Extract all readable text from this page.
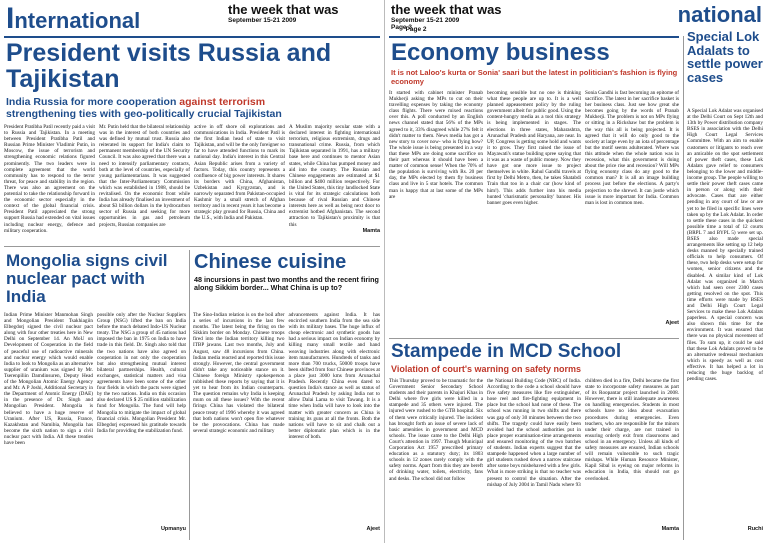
International	the week that was
September 15-21 2009
Page 2
President visits Russia and Tajikistan
India Russia for more cooperation against terrorism
strengthening ties with geo-politically crucial Tajikistan

President Pratibha Patil recently paid a visit to Russia and Tajikistan. In a meeting between President Pratibha Patil and Russian Prime Minister Vladimir Putin, in Moscow, the issue of terrorism and strengthening economic relations figured prominently. The two leaders were in complete agreement that the world community has to respond to the terror threat, for peace and stability in the region. There was also an agreement on the potential to take the relationship forward in the economic sector especially in the context of the global financial crisis. President Patil appreciated the strong support Russia had extended on vital issues including nuclear energy, defence and military cooperation.

Mr. Putin held that the bilateral relationship was in the interest of both countries and was defined by mutual trust. Russia also reiterated its support for India's claim to permanent membership of the UN Security Council. It was also agreed that there was a need to intensify parliamentary contacts, both at the level of countries, especially of young parliamentarians. It was suggested that the Inter-Parliamentary Commission which was established in 1988, should be revitalised. On the economic front while India has already finalised an investment of about $3 billion dollars in the hydrocarbon sector of Russia and seeking for more opportunities in gas and petroleum projects, Russian companies are

active in off shore oil explorations and communications in India. President Patil is the first Indian head of state to visit Tajikistan, and will be the only foreigner so far to have attended functions to mark its national day. India's interest in this Central Asian Republic arises from a variety of factors. Today, this country represents a confluence of big power interests. It shares its borders with China, Afghanistan, Uzbekistan and Kyrgyzstan, and is narrowly separated from Pakistan-occupied Kashmir by a small stretch of Afghan territory and in recent years it has become a strategic play ground for Russia, China and the U.S., with India and Pakistan.

A Muslim majority secular state with a declared interest in fighting international terrorism, religious extremism, drugs and transnational crime. Russia, from which Tajikistan separated in 1991, has a military base here and continues to mentor Asian states, while China has pumped money and aid into the country. The Russian and Chinese engagements are estimated at $1 billion and $400 million respectively. For the United States, this tiny landlocked State is vital for its strategic calculations both because of rival Russian and Chinese interests here as well as being next door to extremist hotbed Afghanistan. The second attraction to Tajikistan's proximity is that this

Mamta
Mongolia signs civil nuclear pact with India

Indian Prime Minister Manmohan Singh and Mongolian President Tsakhiagiin Elbegdorj signed the civil nuclear pact along with four other treaties here in New Delhi on September 14. An MoU on Development of Cooperation in the field of peaceful use of radioactive minerals and nuclear energy which would enable India to look to Mongolia as an alternative supplier of uranium was signed by Mr. Tserenpiliin Damdinsuren, Deputy Head of the Mongolian Atomic Energy Agency and Mr. A P Joshi, Additional Secretary in the Department of Atomic Energy (DAE) in the presence of Dr. Singh and Mongolian President. Mongolia is believed to have a huge reserve of Uranium. After US, Russia, France, Kazakhstan and Namibia, Mongolia has become the sixth nation to sign a civil nuclear pact with India. All these treaties have been

possible only after the Nuclear Suppliers Group (NSG) lifted the ban on India before the much debated Indo-US Nuclear treaty. The NSG a group of 45 nations had imposed the ban in 1975 on India to have trade in this field. Dr. Singh also told that the two nations have also agreed on cooperation in not only the cooperation but also strengthening mutual interest bilateral partnerships. Health, cultural exchanges, statistical matters and visa agreements have been some of the other four fields in which the pacts were signed by the two nations. India on this occasion also declared US $ 25 million stabilization fund for Mongolia. The fund will help Mongolia to mitigate the impact of global financial crisis. Mongolian President Mr. Elbegdorj expressed his gratitude towards India for providing the stabilization fund.

Upmanyu
Chinese cuisine
48 incursions in past two months and the recent firing along Sikkim border... What China is up to?

The Sino-Indian relation is on the boil after a series of incursions in the last few months. The latest being the firing on the Sikkim border on Monday. Chinese troops fired into the Indian territory killing two ITBP jawans. Last two months, July and August, saw 48 incursions from China. Indian media reacted and reported this issue strongly. However, the central government didn't take any noticeable stance on it. Chinese foreign Ministry spokesperson rubbished these reports by saying that it is yet to hear from its Indian counterparts. The question remains why India is keeping mum on all these issues? With the recent firings China has violated the bilateral peace treaty of 1996 whereby it was agreed that both nations won't open fire whatever be the provocations. China has made several strategic economic and military

advancements against India. It has encircled southern India from the sea side with its military bases. The huge influx of cheap electronic and synthetic goods has had a serious impact on Indian economy by killing many small textile and hand weaving industries along with electronic item manufacturers. Hundreds of tanks and more than 700 trucks, 50000 troops have been shifted from four Chinese provinces at a place just 3000 kms from Arunachal Pradesh. Recently China even dared to question India's stance as well as status of Arunachal Pradesh by asking India not to allow Dalai Lama to visit Tawang. It is a time when India will have to look into the matter with greater concern as China is training its guns at all the fronts. Both the nations will have to sit and chalk out a better diplomatic plan which is in the interest of both.

Ajeet
the week that was
September 15-21 2009
Page 3
national
Economy business
It is not Laloo's kurta or Sonia' saari but the latest in politician's fashion is flying economy

It started with cabinet minister Pranab Mukherji asking the MPs to cut on their travelling expenses by taking the economy class flights. There were mixed reactions over this. A poll conducted by an English news channel stated that 56% of the MPs agreed to it, 33% disagreed while 27% felt it didn't matter to them. News media has got a new story to cover now- who is flying how? The whole issue is being presented in a way that these MPs are doing some sacrifice on their part whereas it should have been a matter of common sense! When the 70% of the population is surviving with Rs. 20 per day, the MPs elected by them fly business class and live in 5 star hotels. The common man is happy that at last some of the MPs are

becoming sensible but no one is thinking what these people are up to. It is a well planned appeasement policy by the ruling government albeit for public good. Using the content-hungry media as a tool this strategy is being implemented in stages. The elections in three states, Maharashtra, Arunachal Pradesh and Haryana, are near. In UP, Congress is getting some hold and wants it to grow. They first raised the issue of Mayawati's statue building spree saying that it was as a waste of public money. Now they have got one more issue to project themselves in white. Rahul Gandhi travels at first by Delhi Metro, then, he takes Shatabdi Train that too in a chair car (how kind of him!). This adds further into his media hunted 'charismatic personality' banner. His banner goes even higher.

Sonia Gandhi is fast becoming an epitome of sacrifice. The latest in her sacrifice basket is her business class. Just see how great she becomes going by the words of Pranab Mukherji. The problem is not on MPs flying or sitting in a Rickshaw but the problem is the way this all is being projected. It is agreed that it will do only good to the society at large even by an iota of percentage but the motif seems adulterated. Where was this attitude when the whole nation was in recession, what this government is doing about the price rise and recession? Will MPs flying economy class do any good to the common man? It is all an image building process just before the elections. A party's projection to the shrewd. It can jostle which issue is more important for India. Common man is lost in common men.

Ajeet
Stampede in MCD School
Violation of court's warning on safety norms

This Thursday proved to be traumatic for the Government Senior Secondary School students and their parents in Khajuri Khas in Delhi where five girls were killed in a stampede and 35 others were injured. The injured were rushed to the GTB hospital. Six of them were critically injured. The incident has brought forth an issue of severe lack of basic amenities in government and MCD schools. The issue came to the Delhi High Court's attention in 1997. Though Municipal Corporation Act 1957 prescribed primary education as a statutory duty; its 1803 schools in 12 zones rarely comply with the safety norms. Apart from this they are bereft of drinking water, toilets, electricity, fans and desks. The school did not follow

the National Building Code (NBC) of India. According to the code a school should have five safety measures like fire extinguisher, hose reel and fire-fighting equipment in place but the school had none of these. The school was running in two shifts and there was gap of only 30 minutes between the two shifts. The tragedy could have easily been avoided had the school authorities put in place proper examination-time arrangements and ensured monitoring of the two batches of students. Indian experts suggest that the stampede happened when a large number of girl students rushed down a narrow staircase after some boys misbehaved with a few girls. What is more striking is that no teacher was present to control the situation. After the mishap of July 2004 in Tamil Nadu where 93

children died in a fire, Delhi became the first state to incorporate safety measures as part of its Roopantar project launched in 2008. However, there is still inadequate awareness on handling emergencies. Students in most schools have no idea about evacuation procedures during emergencies. Even teachers, who are responsible for the minors under their charge, are not trained in ensuring orderly exit from classrooms and school in an emergency. Unless all kinds of safety measures are ensured, Indian schools will remain vulnerable to such tragic mishaps. While Human Resource Minister, Kapil Sibal is eyeing on major reforms in education in India, this should not go overlooked.

Mamta
Special Lok Adalats to settle power cases

A Special Lok Adalat was organised at the Delhi Court on Sept 12th and 13th by Power distribution company BSES in association with the Delhi High Court Legal Services Committee. With an aim to enable customers or litigants to reach over an amicable on the spot settlement of power theft cases, these Lok Adalats gave relief to consumers belonging to the lower and middle-income group. The people willing to settle their power theft cases came in person or along with their advocate. Cases that are either pending in any court of law or are yet to be filed in specific lines were taken up by the Lok Adalat. In order to settle these cases in the quickest possible time a total of 12 courts (BRPL 7 and BYPL 5) were set up. BSES also made special arrangements like setting up 12 help desks manned by specially trained officials to help consumers. Of these, two help desks were setup for women, senior citizens and the disabled. A similar kind of Lok Adalat was organized in March which had seen over 2300 cases getting resolved on the spot. This time efforts were made by BSES and Delhi High Court Legal Services to make these Lok Adalats paperless. A special concern was also shown this time for the environment. It was ensured that there was no physical movement of files. To sum up, it could be said that these Lok Adalats proved to be an alternative redressal mechanism which is speedy as well as cost effective. It has helped a lot in reducing the huge backlog of pending cases.

Ruchi
